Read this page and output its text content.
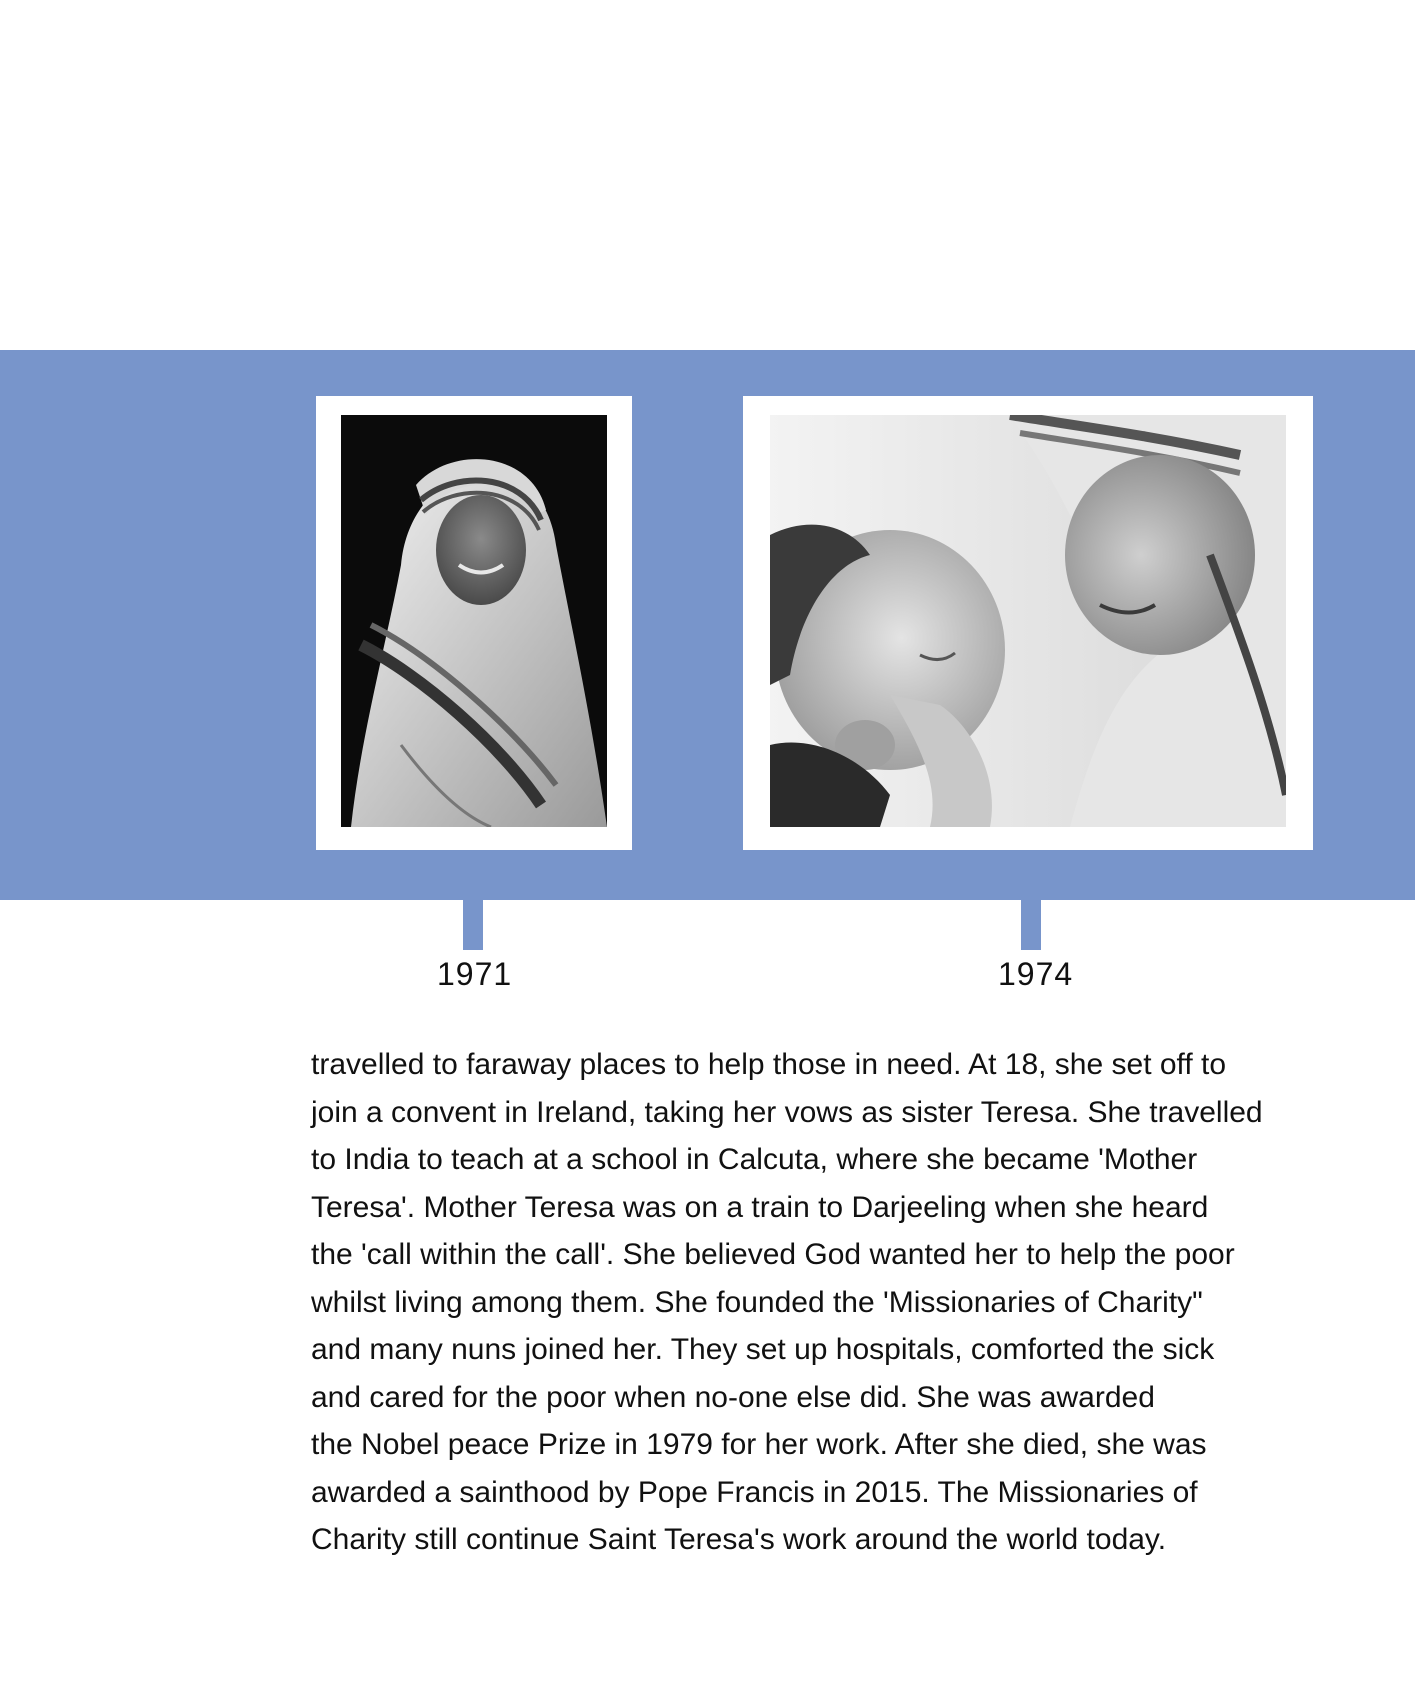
1971	1974

travelled to faraway places to help those in need. At 18, she set off to
join a convent in Ireland, taking her vows as sister Teresa. She travelled
to India to teach at a school in Calcuta, where she became 'Mother
Teresa'. Mother Teresa was on a train to Darjeeling when she heard
the 'call within the call'. She believed God wanted her to help the poor
whilst living among them. She founded the 'Missionaries of Charity"
and many nuns joined her. They set up hospitals, comforted the sick
and cared for the poor when no-one else did. She was awarded
the Nobel peace Prize in 1979 for her work. After she died, she was
awarded a sainthood by Pope Francis in 2015. The Missionaries of
Charity still continue Saint Teresa's work around the world today.
